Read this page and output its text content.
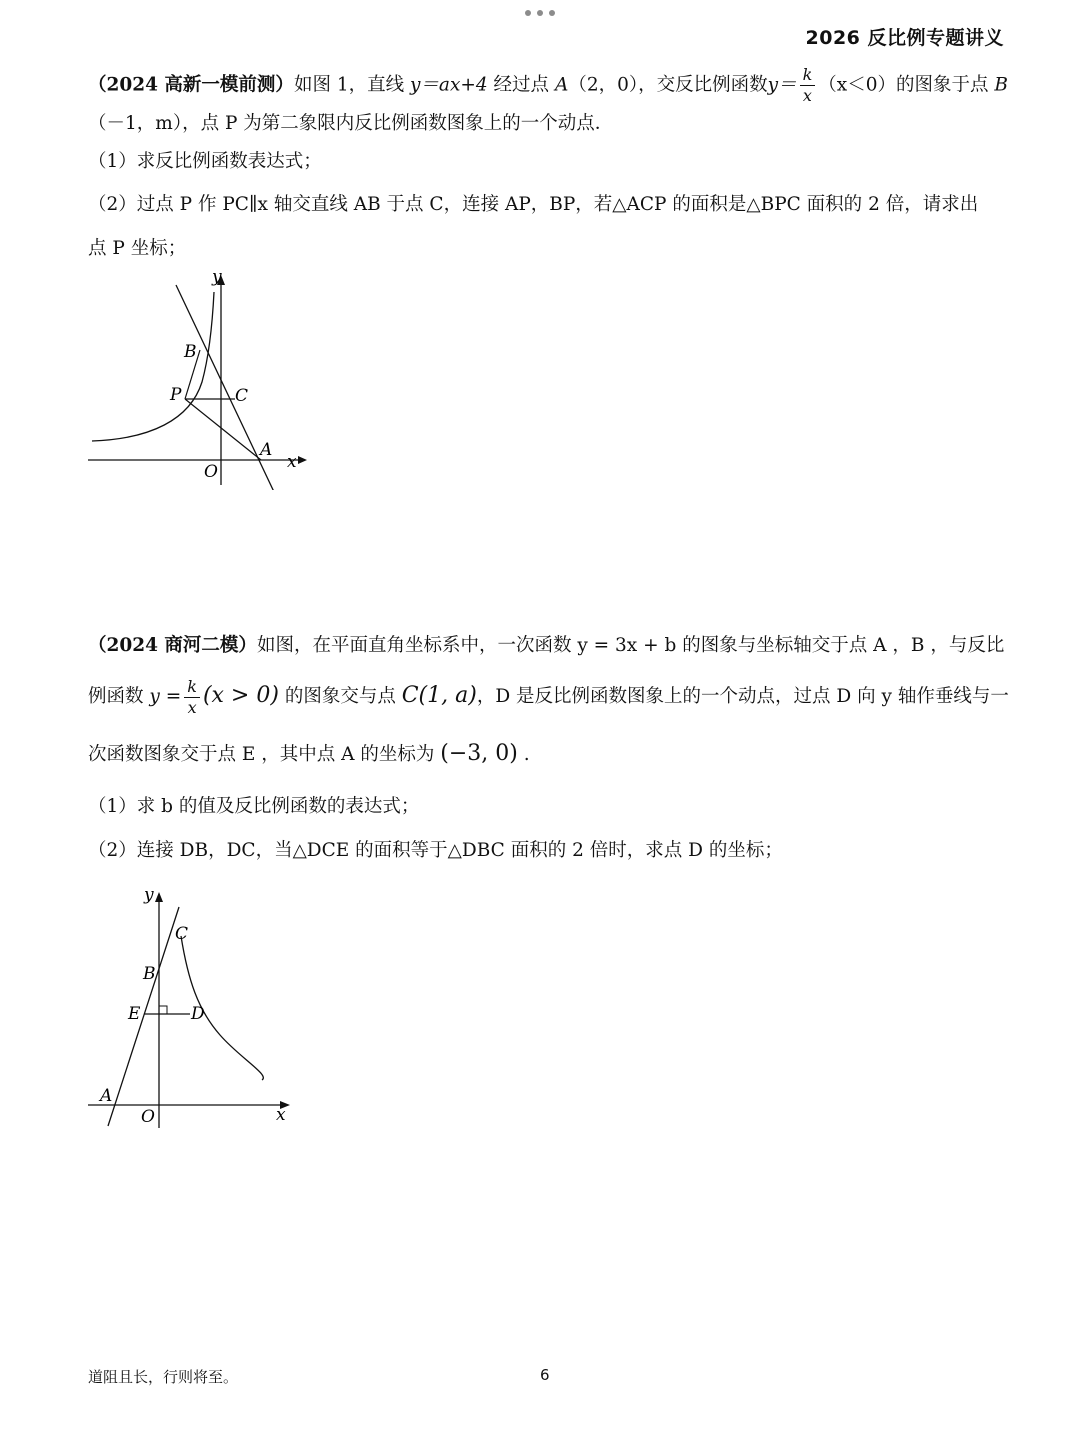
2026 反比例专题讲义
（2024 高新一模前测）如图 1，直线 y＝ax+4 经过点 A（2，0），交反比例函数$y= \frac{k}{x} (x<0)$的图象于点 B
（－1，m），点 P 为第二象限内反比例函数图象上的一个动点．
（1）求反比例函数表达式；
（2）过点 P 作 PC∥x 轴交直线 AB 于点 C，连接 AP，BP，若△ACP 的面积是△BPC 面积的 2 倍，请求出
点 P 坐标；
y
x
O
A
B
P	C
（2024 商河二模）如图，在平面直角坐标系中，一次函数 y = 3x + b 的图象与坐标轴交于点 A ，B ，与反比
例函数 $y = \frac{k}{x} (x > 0)$ 的图象交与点 C(1, a)，D 是反比例函数图象上的一个动点，过点 D 向 y 轴作垂线与一
次函数图象交于点 E ，其中点 A 的坐标为 (−3, 0) .
（1）求 b 的值及反比例函数的表达式；
（2）连接 DB，DC，当△DCE 的面积等于△DBC 面积的 2 倍时，求点 D 的坐标；
y
x
O
A
B
C
D
E
道阻且长，行则将至。	6
